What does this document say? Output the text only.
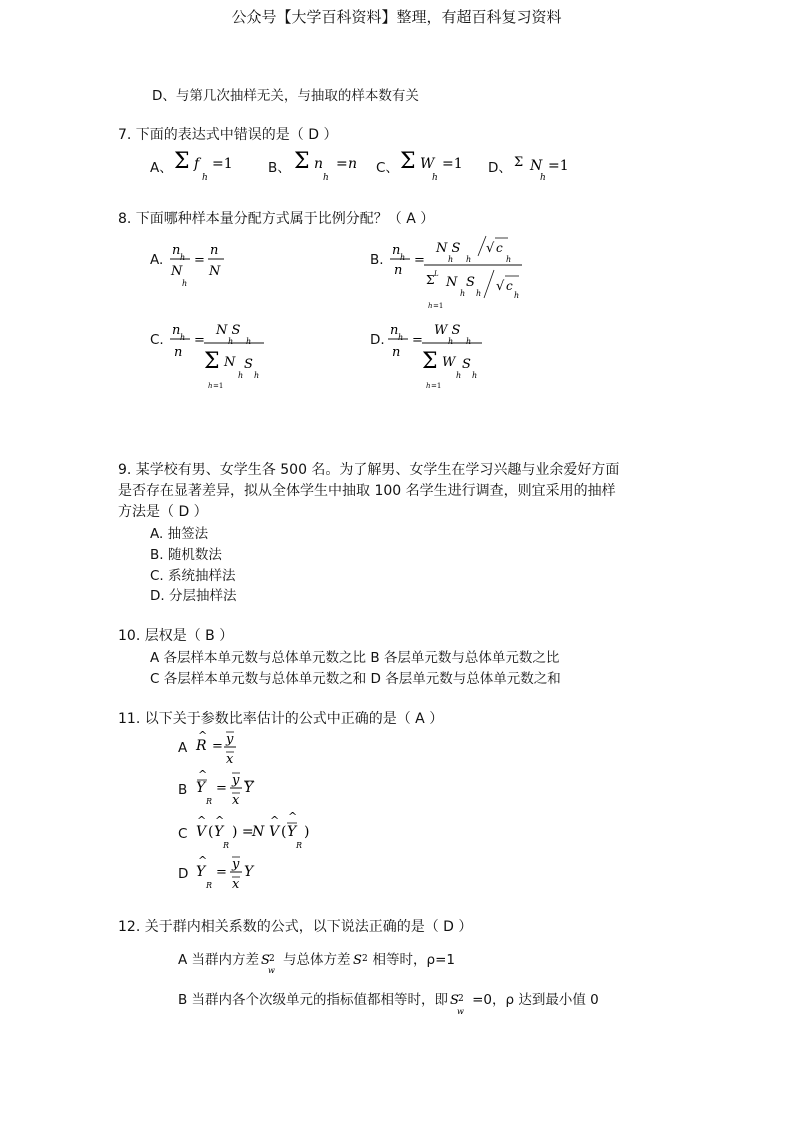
公众号【大学百科资料】整理，有超百科复习资料
D、与第几次抽样无关，与抽取的样本数有关
7. 下面的表达式中错误的是（ D ）
A、 Σ f
h
=1	B、 Σ n
h
= n C、 Σ W
h
=1 D、 Σ N
h
=1
8. 下面哪种样本量分配方式属于比例分配？（ A ）
A.
n h
N
h
=
n
N
B.
n h
n
=
N S
h h
√ c
h
Σ L
N S
h h √ c
h
h =1
C.
n h
n
=
N S
h h
Σ N S
h h
h =1
D.
n h
n
=
W S
h h
Σ W S
h h
h =1
9. 某学校有男、女学生各 500 名。为了解男、女学生在学习兴趣与业余爱好方面
是否存在显著差异，拟从全体学生中抽取 100 名学生进行调查，则宜采用的抽样
方法是（ D ）
A. 抽签法
B. 随机数法
C. 系统抽样法
D. 分层抽样法
10. 层权是（ B ）
A 各层样本单元数与总体单元数之比 B 各层单元数与总体单元数之比
C 各层样本单元数与总体单元数之和 D 各层单元数与总体单元数之和
11. 以下关于参数比率估计的公式中正确的是（ A ）
A R
^
= y
x
B
^
Y
R
=
y
x
Y
C
^
V (
^
Y
R
) =
N
^
V (
^
Y
R
)
D
^
Y
R
=
y
x
Y
12. 关于群内相关系数的公式，以下说法正确的是（ D ）
A 当群内方差 S 2
w
与总体方差 S 2 相等时，ρ=1
B 当群内各个次级单元的指标值都相等时，即 S 2
w
=0，ρ 达到最小值 0
